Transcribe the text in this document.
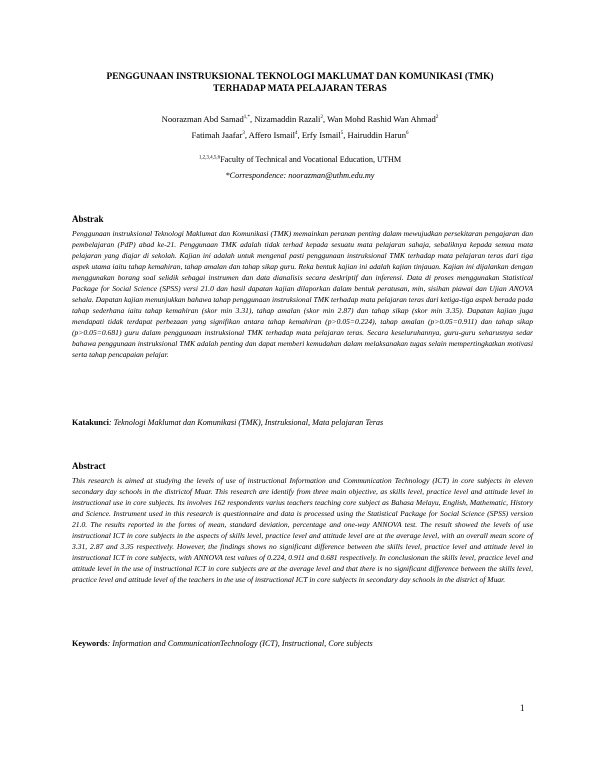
PENGGUNAAN INSTRUKSIONAL TEKNOLOGI MAKLUMAT DAN KOMUNIKASI (TMK)
TERHADAP MATA PELAJARAN TERAS
Noorazman Abd Samad$^{1,*}$, Nizamaddin Razali$^2$, Wan Mohd Rashid Wan Ahmad$^2$
Fatimah Jaafar$^3$, Affero Ismail$^4$, Erfy Ismail$^5$, Hairuddin Harun$^6$
$^{1,2,3,4,5,6}$Faculty of Technical and Vocational Education, UTHM
*Correspondence: noorazman@uthm.edu.my
Abstrak
Penggunaan instruksional Teknologi Maklumat dan Komunikasi (TMK) memainkan peranan penting dalam mewujudkan persekitaran pengajaran dan pembelajaran (PdP) abad ke-21. Penggunaan TMK adalah tidak terhad kepada sesuatu mata pelajaran sahaja, sebaliknya kepada semua mata pelajaran yang diajar di sekolah. Kajian ini adalah untuk mengenal pasti penggunaan instruksional TMK terhadap mata pelajaran teras dari tiga aspek utama iaitu tahap kemahiran, tahap amalan dan tahap sikap guru. Reka bentuk kajian ini adalah kajian tinjauan. Kajian ini dijalankan dengan menggunakan borang soal selidik sebagai instrumen dan data dianalisis secara deskriptif dan inferensi. Data di proses menggunakan Statistical Package for Social Science (SPSS) versi 21.0 dan hasil dapatan kajian dilaporkan dalam bentuk peratusan, min, sisihan piawai dan Ujian ANOVA sehala. Dapatan kajian menunjukkan bahawa tahap penggunaan instruksional TMK terhadap mata pelajaran teras dari ketiga-tiga aspek berada pada tahap sederhana iaitu tahap kemahiran (skor min 3.31), tahap amalan (skor min 2.87) dan tahap sikap (skor min 3.35). Dapatan kajian juga mendapati tidak terdapat perbezaan yang signifikan antara tahap kemahiran (p>0.05=0.224), tahap amalan (p>0.05=0.911) dan tahap sikap (p>0.05=0.681) guru dalam penggunaan instruksional TMK terhadap mata pelajaran teras. Secara keseluruhannya, guru-guru seharusnya sedar bahawa penggunaan instruksional TMK adalah penting dan dapat memberi kemudahan dalam melaksanakan tugas selain mempertingkatkan motivasi serta tahap pencapaian pelajar.
Katakunci: Teknologi Maklumat dan Komunikasi (TMK), Instruksional, Mata pelajaran Teras
Abstract
This research is aimed at studying the levels of use of instructional Information and Communication Technology (ICT) in core subjects in eleven secondary day schools in the districtof Muar. This research are identify from three main objective, as skills level, practice level and attitude level in instructional use in core subjects. Its involves 162 respondents varius teachers teaching core subject as Bahasa Melayu, English, Mathematic, History and Science. Instrument used in this research is questionnaire and data is processed using the Statistical Package for Social Science (SPSS) version 21.0. The results reported in the forms of mean, standard deviation, percentage and one-way ANNOVA test. The result showed the levels of use instructional ICT in core subjects in the aspects of skills level, practice level and attitude level are at the average level, with an overall mean score of 3.31, 2.87 and 3.35 respectively. However, the findings shows no significant difference between the skills level, practice level and attitude level in instructional ICT in core subjects, with ANNOVA test values of 0.224, 0.911 and 0.681 respectively. In conclusionan the skills level, practice level and attitude level in the use of instructional ICT in core subjects are at the average level and that there is no significant difference between the skills level, practice level and attitude level of the teachers in the use of instructional ICT in core subjects in secondary day schools in the district of Muar.
Keywords: Information and CommunicationTechnology (ICT), Instructional, Core subjects
1
